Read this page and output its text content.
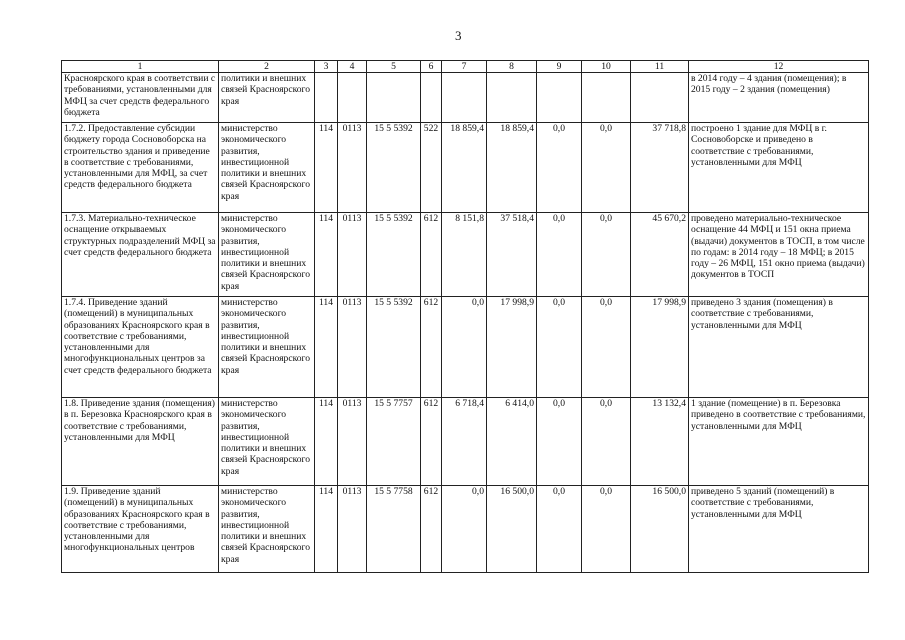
3
1	2	3	4	5	6	7	8	9	10	11	12
Красноярского края в соответствии с требованиями, установленными для МФЦ за счет средств федерального бюджета	политики и внешних связей Красноярского края										в 2014 году – 4 здания (помещения); в 2015 году – 2 здания (помещения)
1.7.2. Предоставление субсидии бюджету города Сосновоборска на строительство здания и приведение в соответствие с требованиями, установленными для МФЦ, за счет средств федерального бюджета	министерство экономического развития, инвестиционной политики и внешних связей Красноярского края	114	0113	15 5 5392	522	18 859,4	18 859,4	0,0	0,0	37 718,8	построено 1 здание для МФЦ в г. Сосновоборске и приведено в соответствие с требованиями, установленными для МФЦ
1.7.3. Материально-техническое оснащение открываемых структурных подразделений МФЦ за счет средств федерального бюджета	министерство экономического развития, инвестиционной политики и внешних связей Красноярского края	114	0113	15 5 5392	612	8 151,8	37 518,4	0,0	0,0	45 670,2	проведено материально-техническое оснащение 44 МФЦ и 151 окна приема (выдачи) документов в ТОСП, в том числе по годам: в 2014 году – 18 МФЦ; в 2015 году – 26 МФЦ, 151 окно приема (выдачи) документов в ТОСП
1.7.4. Приведение зданий (помещений) в муниципальных образованиях Красноярского края в соответствие с требованиями, установленными для многофункциональных центров за счет средств федерального бюджета	министерство экономического развития, инвестиционной политики и внешних связей Красноярского края	114	0113	15 5 5392	612	0,0	17 998,9	0,0	0,0	17 998,9	приведено 3 здания (помещения) в соответствие с требованиями, установленными для МФЦ
1.8. Приведение здания (помещения) в п. Березовка Красноярского края в соответствие с требованиями, установленными для МФЦ	министерство экономического развития, инвестиционной политики и внешних связей Красноярского края	114	0113	15 5 7757	612	6 718,4	6 414,0	0,0	0,0	13 132,4	1 здание (помещение) в п. Березовка приведено в соответствие с требованиями, установленными для МФЦ
1.9. Приведение зданий (помещений) в муниципальных образованиях Красноярского края в соответствие с требованиями, установленными для многофункциональных центров	министерство экономического развития, инвестиционной политики и внешних связей Красноярского края	114	0113	15 5 7758	612	0,0	16 500,0	0,0	0,0	16 500,0	приведено 5 зданий (помещений) в соответствие с требованиями, установленными для МФЦ
